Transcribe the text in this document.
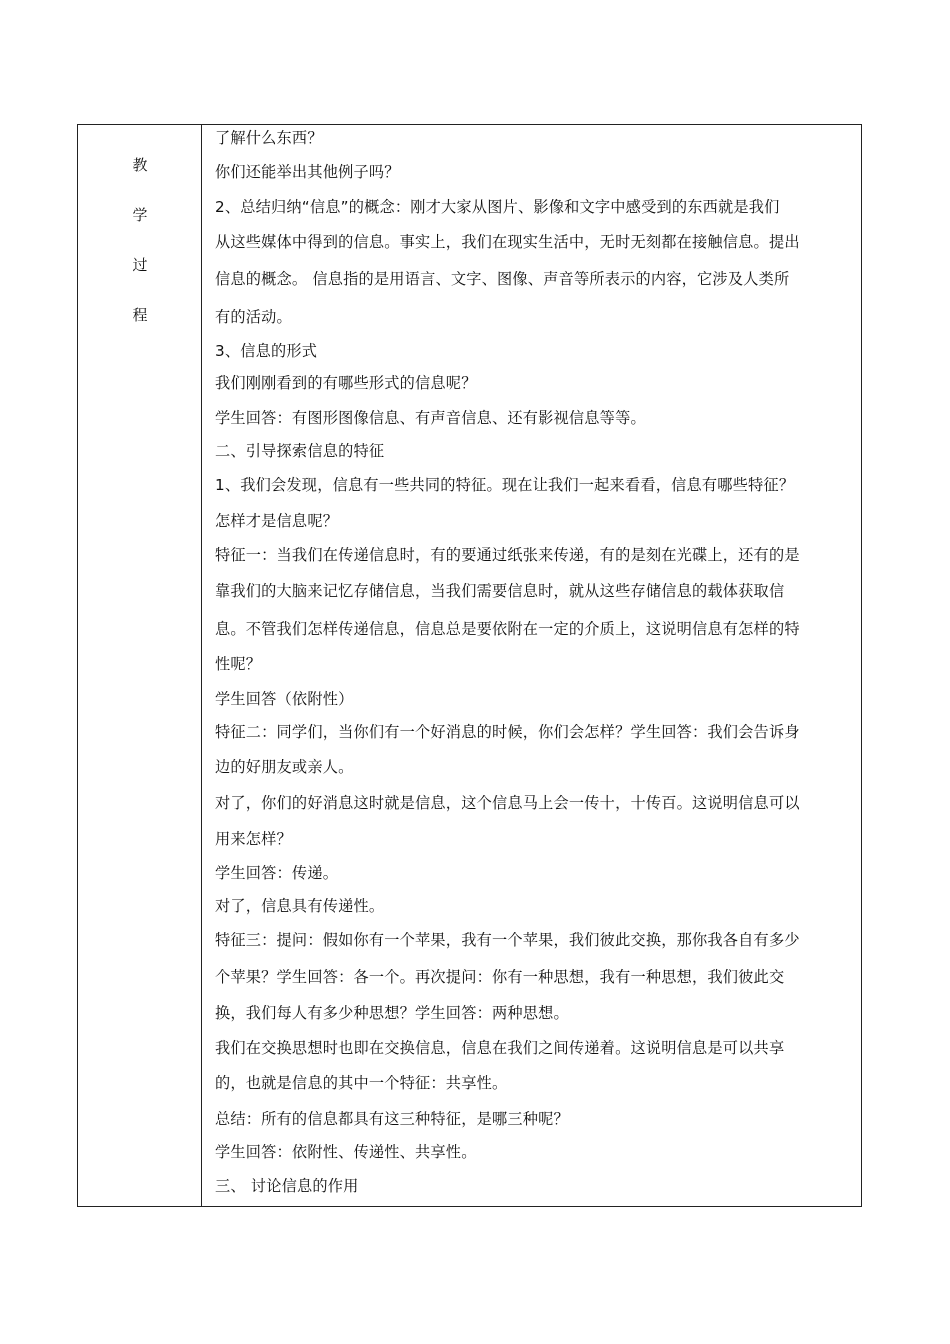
教
学
过
程
了解什么东西？
你们还能举出其他例子吗？
2、总结归纳“信息”的概念：刚才大家从图片、影像和文字中感受到的东西就是我们
从这些媒体中得到的信息。事实上，我们在现实生活中，无时无刻都在接触信息。提出
信息的概念。 信息指的是用语言、文字、图像、声音等所表示的内容，它涉及人类所
有的活动。
3、信息的形式
我们刚刚看到的有哪些形式的信息呢？
学生回答：有图形图像信息、有声音信息、还有影视信息等等。
二、引导探索信息的特征
1、我们会发现，信息有一些共同的特征。现在让我们一起来看看，信息有哪些特征？
怎样才是信息呢？
特征一：当我们在传递信息时，有的要通过纸张来传递，有的是刻在光碟上，还有的是
靠我们的大脑来记忆存储信息，当我们需要信息时，就从这些存储信息的载体获取信
息。不管我们怎样传递信息，信息总是要依附在一定的介质上，这说明信息有怎样的特
性呢？
学生回答（依附性）
特征二：同学们，当你们有一个好消息的时候，你们会怎样？学生回答：我们会告诉身
边的好朋友或亲人。
对了，你们的好消息这时就是信息，这个信息马上会一传十，十传百。这说明信息可以
用来怎样？
学生回答：传递。
对了，信息具有传递性。
特征三：提问：假如你有一个苹果，我有一个苹果，我们彼此交换，那你我各自有多少
个苹果？学生回答：各一个。再次提问：你有一种思想，我有一种思想，我们彼此交
换，我们每人有多少种思想？学生回答：两种思想。
我们在交换思想时也即在交换信息，信息在我们之间传递着。这说明信息是可以共享
的，也就是信息的其中一个特征：共享性。
总结：所有的信息都具有这三种特征，是哪三种呢？
学生回答：依附性、传递性、共享性。
三、 讨论信息的作用
